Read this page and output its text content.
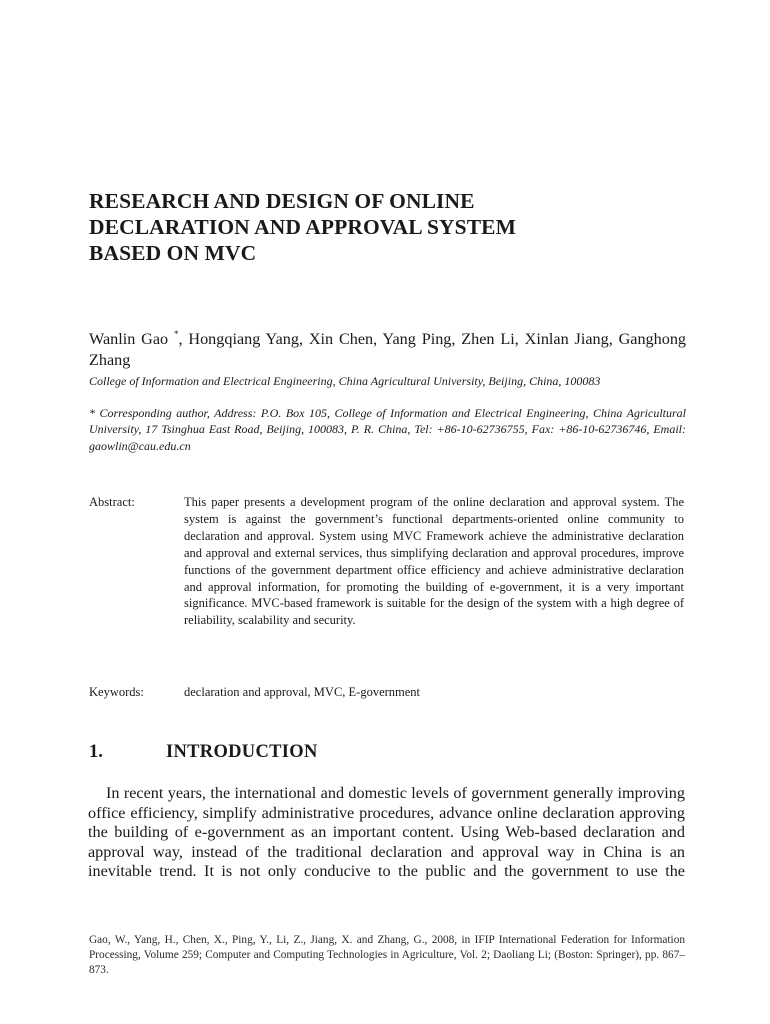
RESEARCH AND DESIGN OF ONLINE
DECLARATION AND APPROVAL SYSTEM
BASED ON MVC
Wanlin Gao *, Hongqiang Yang, Xin Chen, Yang Ping, Zhen Li, Xinlan Jiang, Ganghong Zhang
College of Information and Electrical Engineering, China Agricultural University, Beijing, China, 100083
* Corresponding author, Address: P.O. Box 105, College of Information and Electrical Engineering, China Agricultural University, 17 Tsinghua East Road, Beijing, 100083, P. R. China, Tel: +86-10-62736755, Fax: +86-10-62736746, Email: gaowlin@cau.edu.cn
Abstract:	This paper presents a development program of the online declaration and approval system. The system is against the government’s functional departments-oriented online community to declaration and approval. System using MVC Framework achieve the administrative declaration and approval and external services, thus simplifying declaration and approval procedures, improve functions of the government department office efficiency and achieve administrative declaration and approval information, for promoting the building of e-government, it is a very important significance. MVC-based framework is suitable for the design of the system with a high degree of reliability, scalability and security.
Keywords:	declaration and approval, MVC, E-government
1.	INTRODUCTION
In recent years, the international and domestic levels of government generally improving office efficiency, simplify administrative procedures, advance online declaration approving the building of e-government as an important content. Using Web-based declaration and approval way, instead of the traditional declaration and approval way in China is an inevitable trend. It is not only conducive to the public and the government to use the
Gao, W., Yang, H., Chen, X., Ping, Y., Li, Z., Jiang, X. and Zhang, G., 2008, in IFIP International Federation for Information Processing, Volume 259; Computer and Computing Technologies in Agriculture, Vol. 2; Daoliang Li; (Boston: Springer), pp. 867–873.
